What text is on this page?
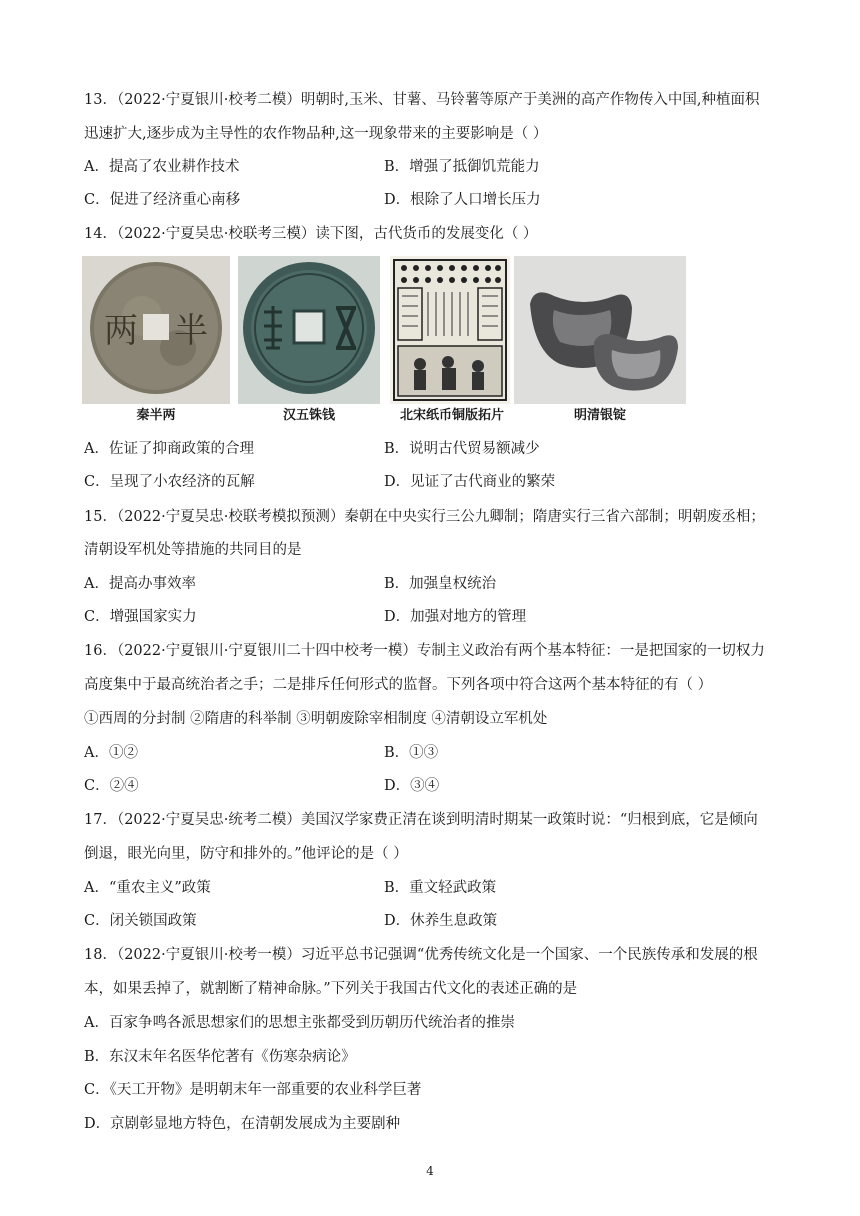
13．（2022·宁夏银川·校考二模）明朝时,玉米、甘薯、马铃薯等原产于美洲的高产作物传入中国,种植面积
迅速扩大,逐步成为主导性的农作物品种,这一现象带来的主要影响是（ ）
A．提高了农业耕作技术	B．增强了抵御饥荒能力
C．促进了经济重心南移	D．根除了人口增长压力
14．（2022·宁夏吴忠·校联考三模）读下图，古代货币的发展变化（ ）
两 半
秦半两	汉五铢钱	北宋纸币铜版拓片	明清银锭
A．佐证了抑商政策的合理	B．说明古代贸易额减少
C．呈现了小农经济的瓦解	D．见证了古代商业的繁荣
15．（2022·宁夏吴忠·校联考模拟预测）秦朝在中央实行三公九卿制；隋唐实行三省六部制；明朝废丞相；
清朝设军机处等措施的共同目的是
A．提高办事效率	B．加强皇权统治
C．增强国家实力	D．加强对地方的管理
16．（2022·宁夏银川·宁夏银川二十四中校考一模）专制主义政治有两个基本特征：一是把国家的一切权力
高度集中于最高统治者之手；二是排斥任何形式的监督。下列各项中符合这两个基本特征的有（ ）
①西周的分封制 ②隋唐的科举制 ③明朝废除宰相制度 ④清朝设立军机处
A．①②	B．①③
C．②④	D．③④
17．（2022·宁夏吴忠·统考二模）美国汉学家费正清在谈到明清时期某一政策时说：“归根到底，它是倾向
倒退，眼光向里，防守和排外的。”他评论的是（ ）
A．“重农主义”政策	B．重文轻武政策
C．闭关锁国政策	D．休养生息政策
18．（2022·宁夏银川·校考一模）习近平总书记强调“优秀传统文化是一个国家、一个民族传承和发展的根
本，如果丢掉了，就割断了精神命脉。”下列关于我国古代文化的表述正确的是
A．百家争鸣各派思想家们的思想主张都受到历朝历代统治者的推崇
B．东汉末年名医华佗著有《伤寒杂病论》
C．《天工开物》是明朝末年一部重要的农业科学巨著
D．京剧彰显地方特色，在清朝发展成为主要剧种
4
